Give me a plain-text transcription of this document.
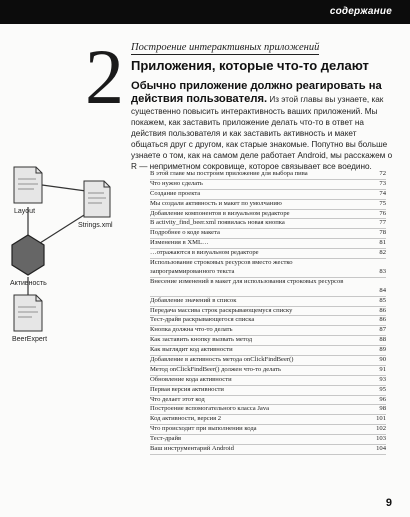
содержание
2 Построение интерактивных приложений
Приложения, которые что-то делают
Обычно приложение должно реагировать на действия пользователя. Из этой главы вы узнаете, как существенно повысить интерактивность ваших приложений. Мы покажем, как заставить приложение делать что-то в ответ на действия пользователя и как заставить активность и макет общаться друг с другом, как старые знакомые. Попутно вы больше узнаете о том, как на самом деле работает Android, мы расскажем о R — неприметном сокровище, которое связывает все воедино.
Layout
Strings.xml
Активность
BeerExpert
В этой главе мы построим приложение для выбора пива	72
Что нужно сделать	73
Создание проекта	74
Мы создали активность и макет по умолчанию	75
Добавление компонентов в визуальном редакторе	76
В activity_find_beer.xml появилась новая кнопка	77
Подробнее о коде макета	78
Изменения в XML…	81
…отражаются в визуальном редакторе	82
Использование строковых ресурсов вместо жестко запрограммированного текста	83
Внесение изменений в макет для использования строковых ресурсов
84
Добавление значений в список	85
Передача массива строк раскрывающемуся списку	86
Тест-драйв раскрывающегося списка	86
Кнопка должна что-то делать	87
Как заставить кнопку вызвать метод	88
Как выглядит код активности	89
Добавление в активность метода onClickFindBeer()	90
Метод onClickFindBeer() должен что-то делать	91
Обновление кода активности	93
Первая версия активности	95
Что делает этот код	96
Построение вспомогательного класса Java	98
Код активности, версия 2	101
Что происходит при выполнении кода	102
Тест-драйв	103
Ваш инструментарий Android	104
9
